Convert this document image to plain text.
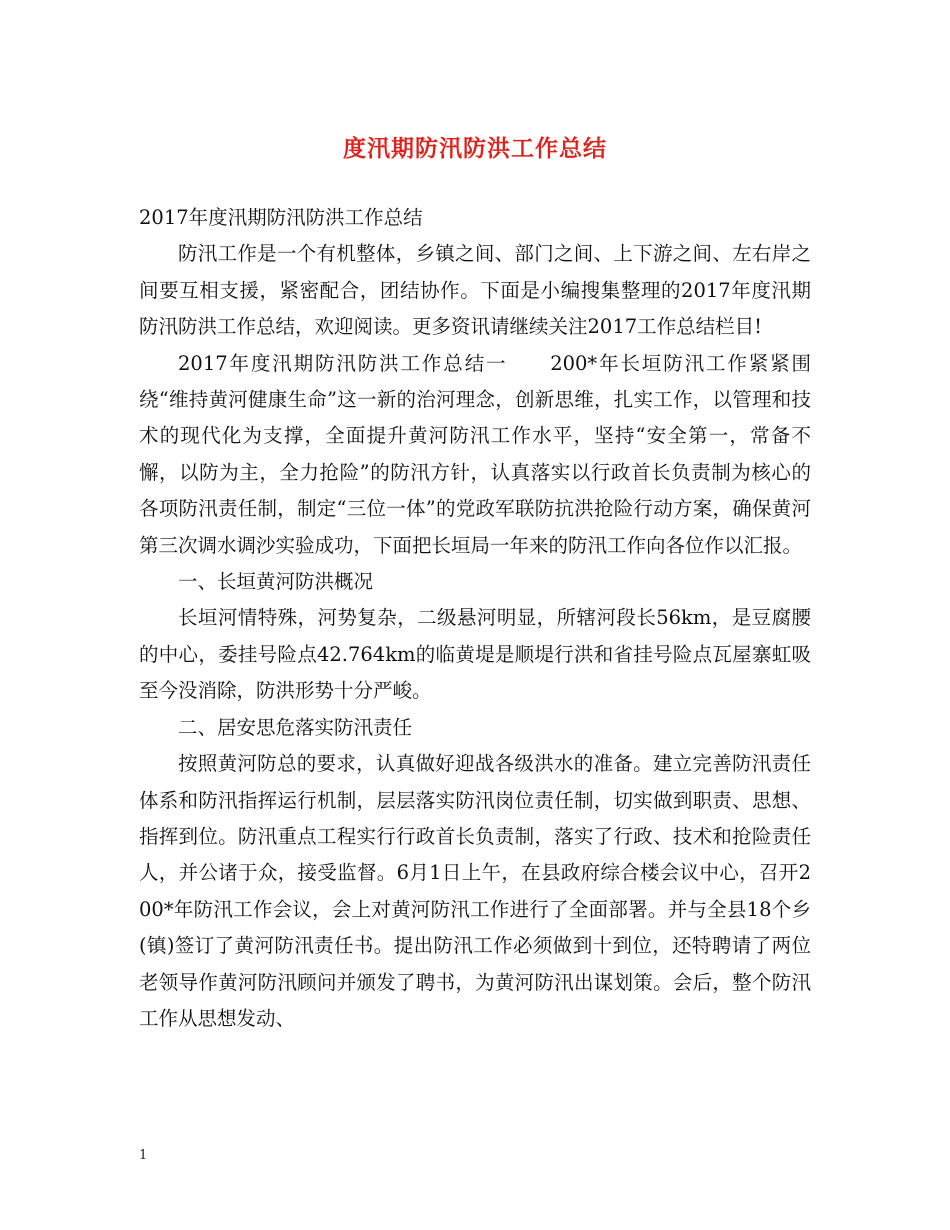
度汛期防汛防洪工作总结

2017年度汛期防汛防洪工作总结

防汛工作是一个有机整体，乡镇之间、部门之间、上下游之间、左右岸之间要互相支援，紧密配合，团结协作。下面是小编搜集整理的2017年度汛期防汛防洪工作总结，欢迎阅读。更多资讯请继续关注2017工作总结栏目!

2017年度汛期防汛防洪工作总结一　　200*年长垣防汛工作紧紧围绕“维持黄河健康生命”这一新的治河理念，创新思维，扎实工作，以管理和技术的现代化为支撑，全面提升黄河防汛工作水平，坚持“安全第一，常备不懈，以防为主，全力抢险”的防汛方针，认真落实以行政首长负责制为核心的各项防汛责任制，制定“三位一体”的党政军联防抗洪抢险行动方案，确保黄河第三次调水调沙实验成功，下面把长垣局一年来的防汛工作向各位作以汇报。

一、长垣黄河防洪概况

长垣河情特殊，河势复杂，二级悬河明显，所辖河段长56km，是豆腐腰的中心，委挂号险点42.764km的临黄堤是顺堤行洪和省挂号险点瓦屋寨虹吸至今没消除，防洪形势十分严峻。

二、居安思危落实防汛责任

按照黄河防总的要求，认真做好迎战各级洪水的准备。建立完善防汛责任体系和防汛指挥运行机制，层层落实防汛岗位责任制，切实做到职责、思想、指挥到位。防汛重点工程实行行政首长负责制，落实了行政、技术和抢险责任人，并公诸于众，接受监督。6月1日上午，在县政府综合楼会议中心，召开200*年防汛工作会议，会上对黄河防汛工作进行了全面部署。并与全县18个乡(镇)签订了黄河防汛责任书。提出防汛工作必须做到十到位，还特聘请了两位老领导作黄河防汛顾问并颁发了聘书，为黄河防汛出谋划策。会后，整个防汛工作从思想发动、

1
